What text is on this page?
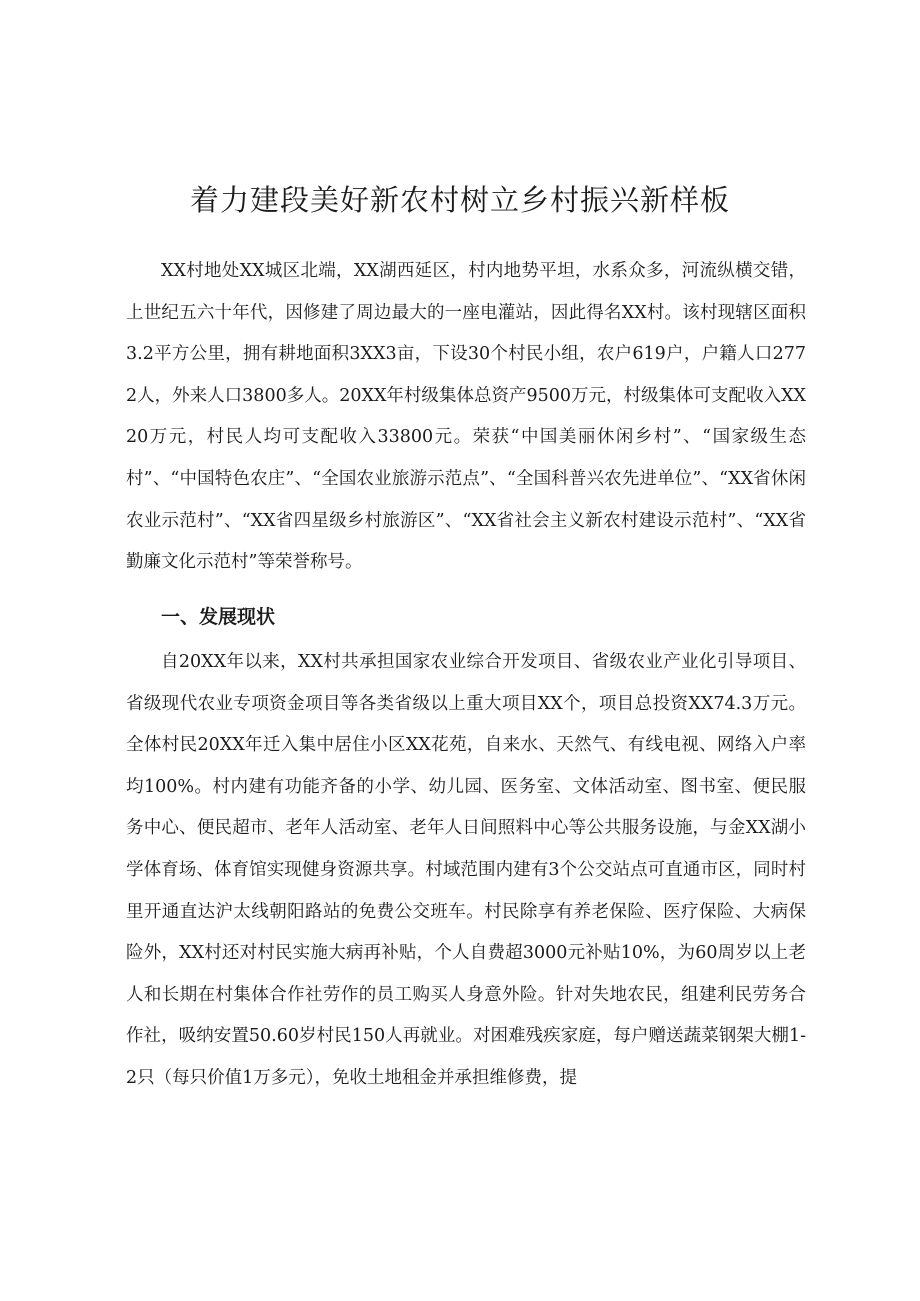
着力建段美好新农村树立乡村振兴新样板

XX村地处XX城区北端，XX湖西延区，村内地势平坦，水系众多，河流纵横交错，上世纪五六十年代，因修建了周边最大的一座电灌站，因此得名XX村。该村现辖区面积3.2平方公里，拥有耕地面积3XX3亩，下设30个村民小组，农户619户，户籍人口2772人，外来人口3800多人。20XX年村级集体总资产9500万元，村级集体可支配收入XX20万元，村民人均可支配收入33800元。荣获“中国美丽休闲乡村”、“国家级生态村”、“中国特色农庄”、“全国农业旅游示范点”、“全国科普兴农先进单位”、“XX省休闲农业示范村”、“XX省四星级乡村旅游区”、“XX省社会主义新农村建设示范村”、“XX省勤廉文化示范村”等荣誉称号。

一、发展现状

自20XX年以来，XX村共承担国家农业综合开发项目、省级农业产业化引导项目、省级现代农业专项资金项目等各类省级以上重大项目XX个，项目总投资XX74.3万元。全体村民20XX年迁入集中居住小区XX花苑，自来水、天然气、有线电视、网络入户率均100%。村内建有功能齐备的小学、幼儿园、医务室、文体活动室、图书室、便民服务中心、便民超市、老年人活动室、老年人日间照料中心等公共服务设施，与金XX湖小学体育场、体育馆实现健身资源共享。村域范围内建有3个公交站点可直通市区，同时村里开通直达沪太线朝阳路站的免费公交班车。村民除享有养老保险、医疗保险、大病保险外，XX村还对村民实施大病再补贴，个人自费超3000元补贴10%，为60周岁以上老人和长期在村集体合作社劳作的员工购买人身意外险。针对失地农民，组建利民劳务合作社，吸纳安置50.60岁村民150人再就业。对困难残疾家庭，每户赠送蔬菜钢架大棚1-2只（每只价值1万多元），免收土地租金并承担维修费，提
